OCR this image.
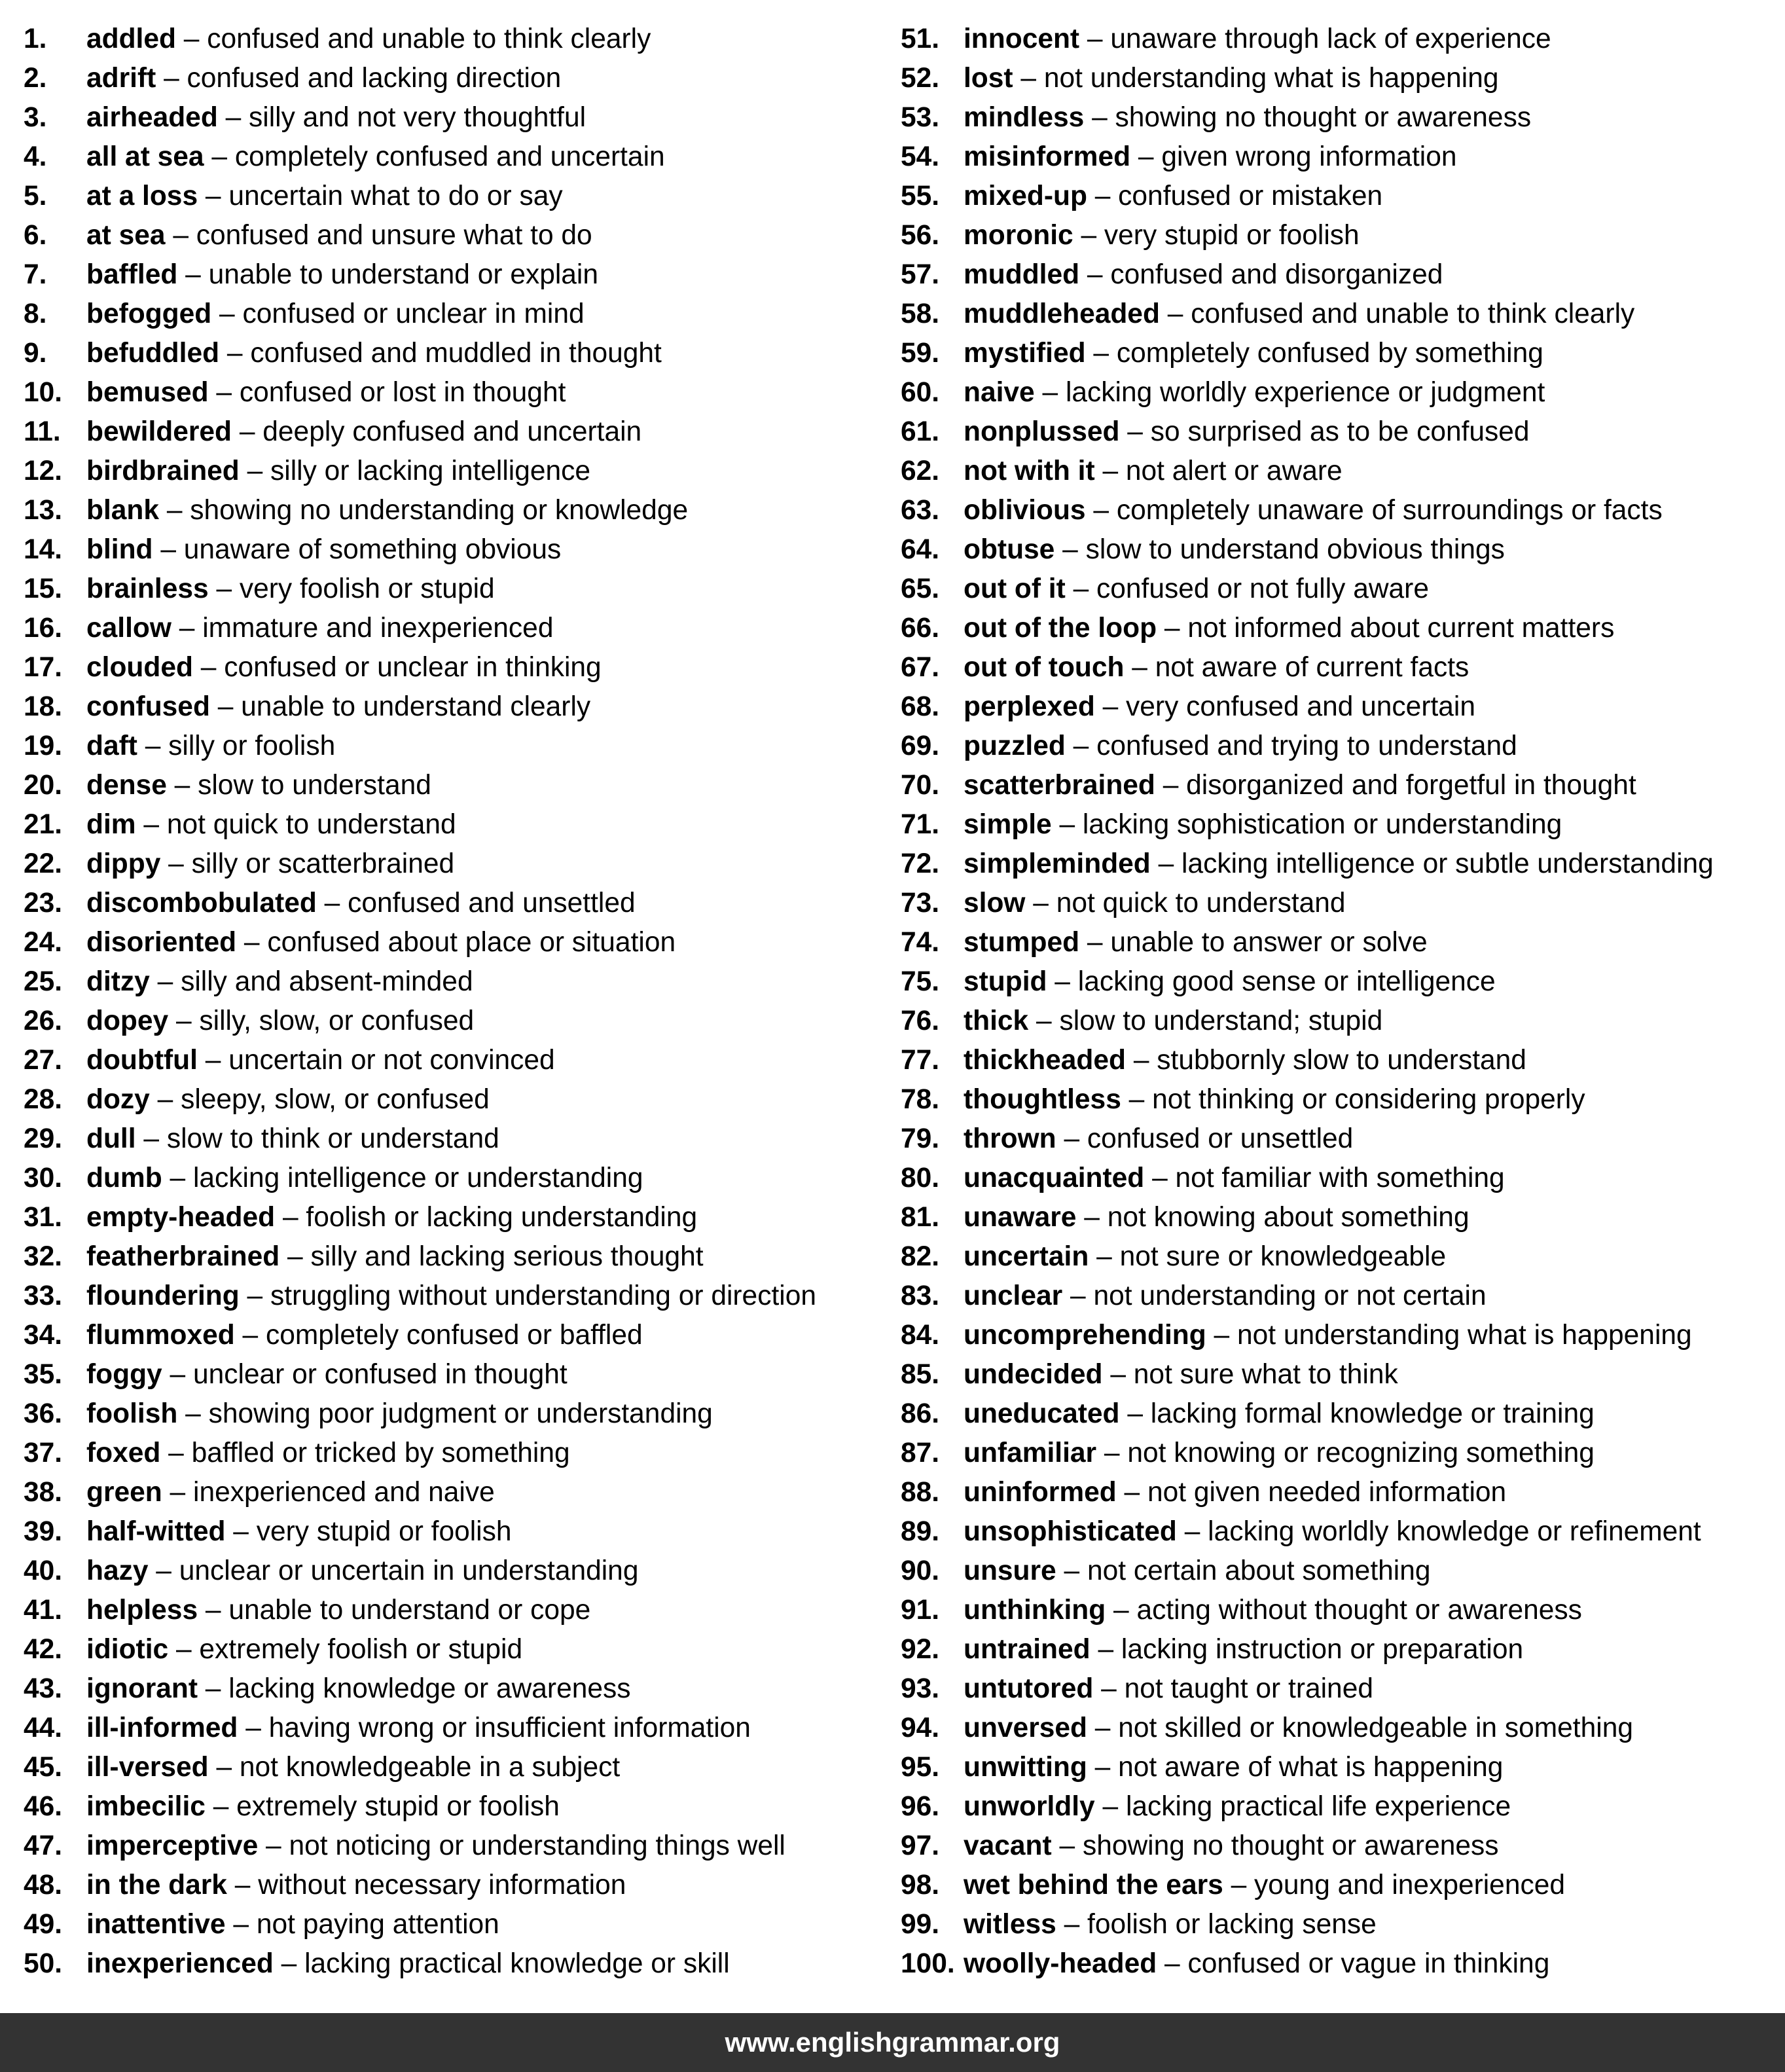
1. addled – confused and unable to think clearly
2. adrift – confused and lacking direction
3. airheaded – silly and not very thoughtful
4. all at sea – completely confused and uncertain
5. at a loss – uncertain what to do or say
6. at sea – confused and unsure what to do
7. baffled – unable to understand or explain
8. befogged – confused or unclear in mind
9. befuddled – confused and muddled in thought
10. bemused – confused or lost in thought
11. bewildered – deeply confused and uncertain
12. birdbrained – silly or lacking intelligence
13. blank – showing no understanding or knowledge
14. blind – unaware of something obvious
15. brainless – very foolish or stupid
16. callow – immature and inexperienced
17. clouded – confused or unclear in thinking
18. confused – unable to understand clearly
19. daft – silly or foolish
20. dense – slow to understand
21. dim – not quick to understand
22. dippy – silly or scatterbrained
23. discombobulated – confused and unsettled
24. disoriented – confused about place or situation
25. ditzy – silly and absent-minded
26. dopey – silly, slow, or confused
27. doubtful – uncertain or not convinced
28. dozy – sleepy, slow, or confused
29. dull – slow to think or understand
30. dumb – lacking intelligence or understanding
31. empty-headed – foolish or lacking understanding
32. featherbrained – silly and lacking serious thought
33. floundering – struggling without understanding or direction
34. flummoxed – completely confused or baffled
35. foggy – unclear or confused in thought
36. foolish – showing poor judgment or understanding
37. foxed – baffled or tricked by something
38. green – inexperienced and naive
39. half-witted – very stupid or foolish
40. hazy – unclear or uncertain in understanding
41. helpless – unable to understand or cope
42. idiotic – extremely foolish or stupid
43. ignorant – lacking knowledge or awareness
44. ill-informed – having wrong or insufficient information
45. ill-versed – not knowledgeable in a subject
46. imbecilic – extremely stupid or foolish
47. imperceptive – not noticing or understanding things well
48. in the dark – without necessary information
49. inattentive – not paying attention
50. inexperienced – lacking practical knowledge or skill
51. innocent – unaware through lack of experience
52. lost – not understanding what is happening
53. mindless – showing no thought or awareness
54. misinformed – given wrong information
55. mixed-up – confused or mistaken
56. moronic – very stupid or foolish
57. muddled – confused and disorganized
58. muddleheaded – confused and unable to think clearly
59. mystified – completely confused by something
60. naive – lacking worldly experience or judgment
61. nonplussed – so surprised as to be confused
62. not with it – not alert or aware
63. oblivious – completely unaware of surroundings or facts
64. obtuse – slow to understand obvious things
65. out of it – confused or not fully aware
66. out of the loop – not informed about current matters
67. out of touch – not aware of current facts
68. perplexed – very confused and uncertain
69. puzzled – confused and trying to understand
70. scatterbrained – disorganized and forgetful in thought
71. simple – lacking sophistication or understanding
72. simpleminded – lacking intelligence or subtle understanding
73. slow – not quick to understand
74. stumped – unable to answer or solve
75. stupid – lacking good sense or intelligence
76. thick – slow to understand; stupid
77. thickheaded – stubbornly slow to understand
78. thoughtless – not thinking or considering properly
79. thrown – confused or unsettled
80. unacquainted – not familiar with something
81. unaware – not knowing about something
82. uncertain – not sure or knowledgeable
83. unclear – not understanding or not certain
84. uncomprehending – not understanding what is happening
85. undecided – not sure what to think
86. uneducated – lacking formal knowledge or training
87. unfamiliar – not knowing or recognizing something
88. uninformed – not given needed information
89. unsophisticated – lacking worldly knowledge or refinement
90. unsure – not certain about something
91. unthinking – acting without thought or awareness
92. untrained – lacking instruction or preparation
93. untutored – not taught or trained
94. unversed – not skilled or knowledgeable in something
95. unwitting – not aware of what is happening
96. unworldly – lacking practical life experience
97. vacant – showing no thought or awareness
98. wet behind the ears – young and inexperienced
99. witless – foolish or lacking sense
100. woolly-headed – confused or vague in thinking
www.englishgrammar.org
